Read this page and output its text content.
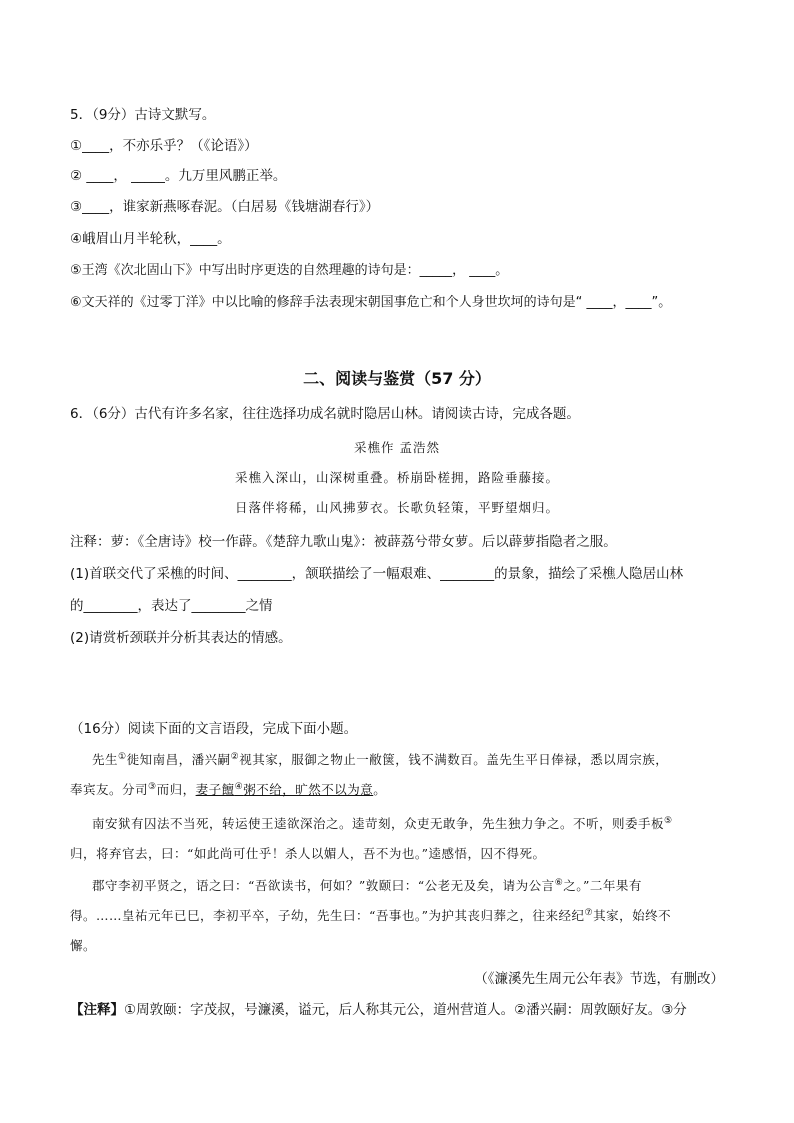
5．（9分）古诗文默写。
①____，不亦乐乎？（《论语》）
② ____， _____。九万里风鹏正举。
③____，谁家新燕啄春泥。（白居易《钱塘湖春行》）
④峨眉山月半轮秋，____。
⑤王湾《次北固山下》中写出时序更迭的自然理趣的诗句是：_____， ____。
⑥文天祥的《过零丁洋》中以比喻的修辞手法表现宋朝国事危亡和个人身世坎坷的诗句是“ ____，____”。
二、阅读与鉴赏（57 分）
6．（6分）古代有许多名家，往往选择功成名就时隐居山林。请阅读古诗，完成各题。
采樵作 孟浩然
采樵入深山，山深树重叠。桥崩卧槎拥，路险垂藤接。
日落伴将稀，山风拂萝衣。长歌负轻策，平野望烟归。
注释：萝：《全唐诗》校一作薜。《楚辞九歌山鬼》：被薜荔兮带女萝。后以薜萝指隐者之服。
(1)首联交代了采樵的时间、________，颔联描绘了一幅艰难、________的景象，描绘了采樵人隐居山林
的________，表达了________之情
(2)请赏析颈联并分析其表达的情感。
（16分）阅读下面的文言语段，完成下面小题。
先生①徙知南昌，潘兴嗣②视其家，服御之物止一敝箧，钱不满数百。盖先生平日俸禄，悉以周宗族，
奉宾友。分司③而归，妻子饘④粥不给，旷然不以为意。
南安狱有囚法不当死，转运使王逵欲深治之。逵苛刻，众吏无敢争，先生独力争之。不听，则委手板⑤
归，将弃官去，曰：“如此尚可仕乎！杀人以媚人，吾不为也。”逵感悟，囚不得死。
郡守李初平贤之，语之曰：“吾欲读书，何如？”敦颐曰：“公老无及矣，请为公言⑥之。”二年果有
得。……皇祐元年已巳，李初平卒，子幼，先生曰：“吾事也。”为护其丧归葬之，往来经纪⑦其家，始终不
懈。
（《濂溪先生周元公年表》节选，有删改）
【注释】①周敦颐：字茂叔，号濂溪，谥元，后人称其元公，道州营道人。②潘兴嗣：周敦颐好友。③分
